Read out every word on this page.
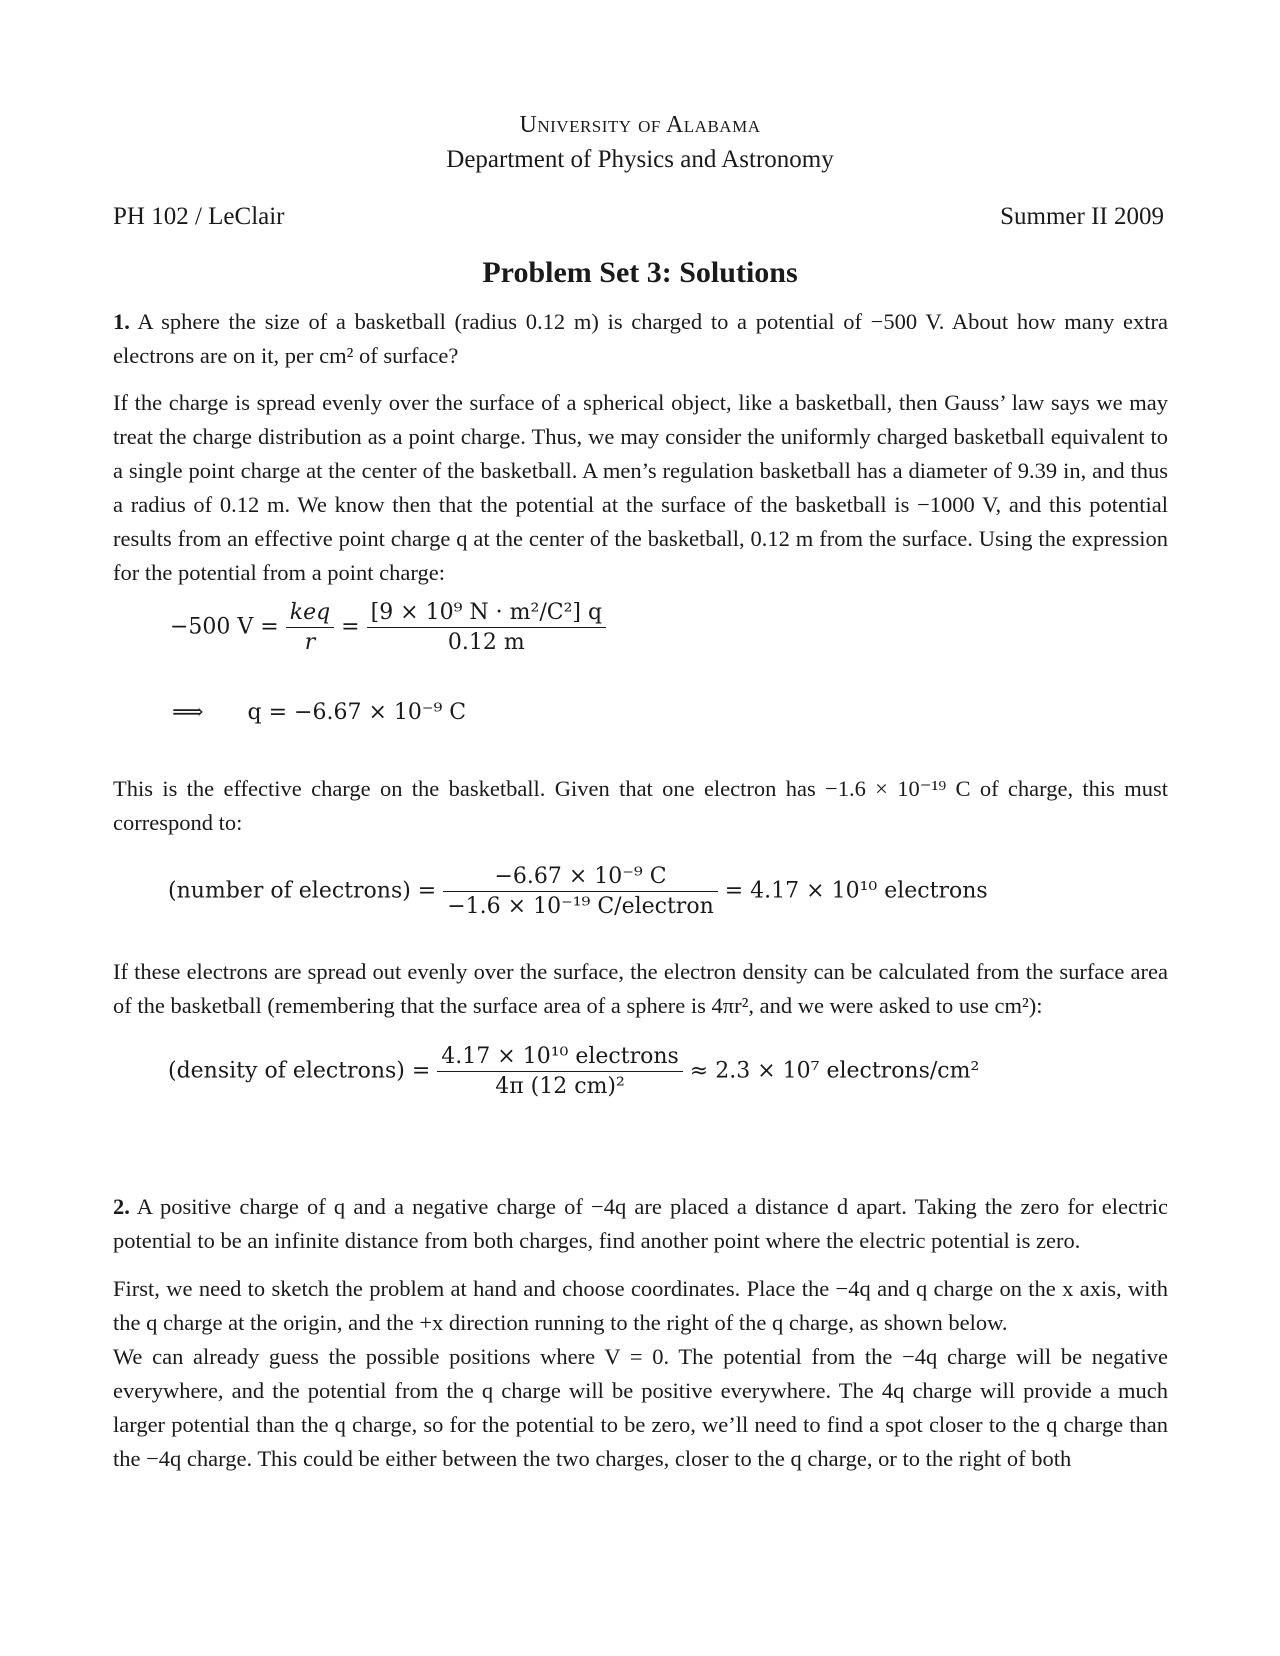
University of Alabama
Department of Physics and Astronomy
PH 102 / LeClair	Summer II 2009
Problem Set 3: Solutions
1. A sphere the size of a basketball (radius 0.12 m) is charged to a potential of −500 V. About how many extra electrons are on it, per cm² of surface?
If the charge is spread evenly over the surface of a spherical object, like a basketball, then Gauss’ law says we may treat the charge distribution as a point charge. Thus, we may consider the uniformly charged basketball equivalent to a single point charge at the center of the basketball. A men’s regulation basketball has a diameter of 9.39 in, and thus a radius of 0.12 m. We know then that the potential at the surface of the basketball is −1000 V, and this potential results from an effective point charge q at the center of the basketball, 0.12 m from the surface. Using the expression for the potential from a point charge:
−500 $V = \frac{\text{keq}}{r} = \frac{\text{[9 × 10⁹ N · m²/C²] q}}{0.12 m}$
⟹ q = −6.67 × 10⁻⁹ C
This is the effective charge on the basketball. Given that one electron has −1.6 × 10⁻¹⁹ C of charge, this must correspond to:
(number of electrons) = $\frac{\text{−6.67 × 10⁻⁹ C}}{\text{−1.6 × 10⁻¹⁹ C/electron}} = 4.17 \times 10^{10}$ electrons
If these electrons are spread out evenly over the surface, the electron density can be calculated from the surface area of the basketball (remembering that the surface area of a sphere is 4πr², and we were asked to use cm²):
(density of electrons) = $\frac{\text{4.17 × 10¹⁰ electrons}}{\text{4π (12 cm)²}} \approx 2.3 \times 10^7$ electrons/cm²
2. A positive charge of q and a negative charge of −4q are placed a distance d apart. Taking the zero for electric potential to be an infinite distance from both charges, find another point where the electric potential is zero.
First, we need to sketch the problem at hand and choose coordinates. Place the −4q and q charge on the x axis, with the q charge at the origin, and the +x direction running to the right of the q charge, as shown below.
We can already guess the possible positions where V = 0. The potential from the −4q charge will be negative everywhere, and the potential from the q charge will be positive everywhere. The 4q charge will provide a much larger potential than the q charge, so for the potential to be zero, we’ll need to find a spot closer to the q charge than the −4q charge. This could be either between the two charges, closer to the q charge, or to the right of both
